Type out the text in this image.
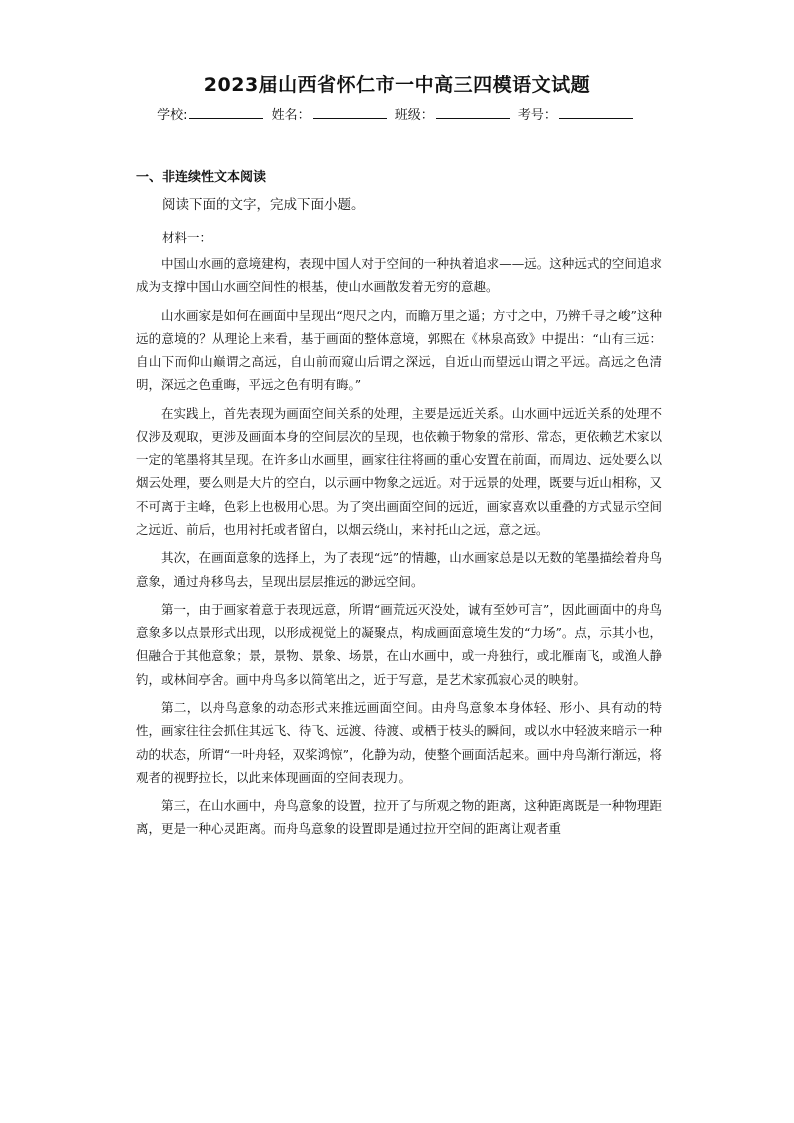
2023届山西省怀仁市一中高三四模语文试题
学校:	姓名：	班级：	考号：
一、非连续性文本阅读
阅读下面的文字，完成下面小题。
材料一：

中国山水画的意境建构，表现中国人对于空间的一种执着追求——远。这种远式的空间追求成为支撑中国山水画空间性的根基，使山水画散发着无穷的意趣。

山水画家是如何在画面中呈现出“咫尺之内，而瞻万里之遥；方寸之中，乃辨千寻之峻”这种远的意境的？从理论上来看，基于画面的整体意境，郭熙在《林泉高致》中提出：“山有三远：自山下而仰山巅谓之高远，自山前而窥山后谓之深远，自近山而望远山谓之平远。高远之色清明，深远之色重晦，平远之色有明有晦。”

在实践上，首先表现为画面空间关系的处理，主要是远近关系。山水画中远近关系的处理不仅涉及观取，更涉及画面本身的空间层次的呈现，也依赖于物象的常形、常态，更依赖艺术家以一定的笔墨将其呈现。在许多山水画里，画家往往将画的重心安置在前面，而周边、远处要么以烟云处理，要么则是大片的空白，以示画中物象之远近。对于远景的处理，既要与近山相称，又不可离于主峰，色彩上也极用心思。为了突出画面空间的远近，画家喜欢以重叠的方式显示空间之远近、前后，也用衬托或者留白，以烟云绕山，来衬托山之远，意之远。

其次，在画面意象的选择上，为了表现“远”的情趣，山水画家总是以无数的笔墨描绘着舟鸟意象，通过舟移鸟去，呈现出层层推远的渺远空间。

第一，由于画家着意于表现远意，所谓“画荒远灭没处，诚有至妙可言”，因此画面中的舟鸟意象多以点景形式出现，以形成视觉上的凝聚点，构成画面意境生发的“力场”。点，示其小也，但融合于其他意象；景，景物、景象、场景，在山水画中，或一舟独行，或北雁南飞，或渔人静钓，或林间亭舍。画中舟鸟多以简笔出之，近于写意，是艺术家孤寂心灵的映射。

第二，以舟鸟意象的动态形式来推远画面空间。由舟鸟意象本身体轻、形小、具有动的特性，画家往往会抓住其远飞、待飞、远渡、待渡、或栖于枝头的瞬间，或以水中轻波来暗示一种动的状态，所谓“一叶舟轻，双桨鸿惊”，化静为动，使整个画面活起来。画中舟鸟渐行渐远，将观者的视野拉长，以此来体现画面的空间表现力。

第三，在山水画中，舟鸟意象的设置，拉开了与所观之物的距离，这种距离既是一种物理距离，更是一种心灵距离。而舟鸟意象的设置即是通过拉开空间的距离让观者重
